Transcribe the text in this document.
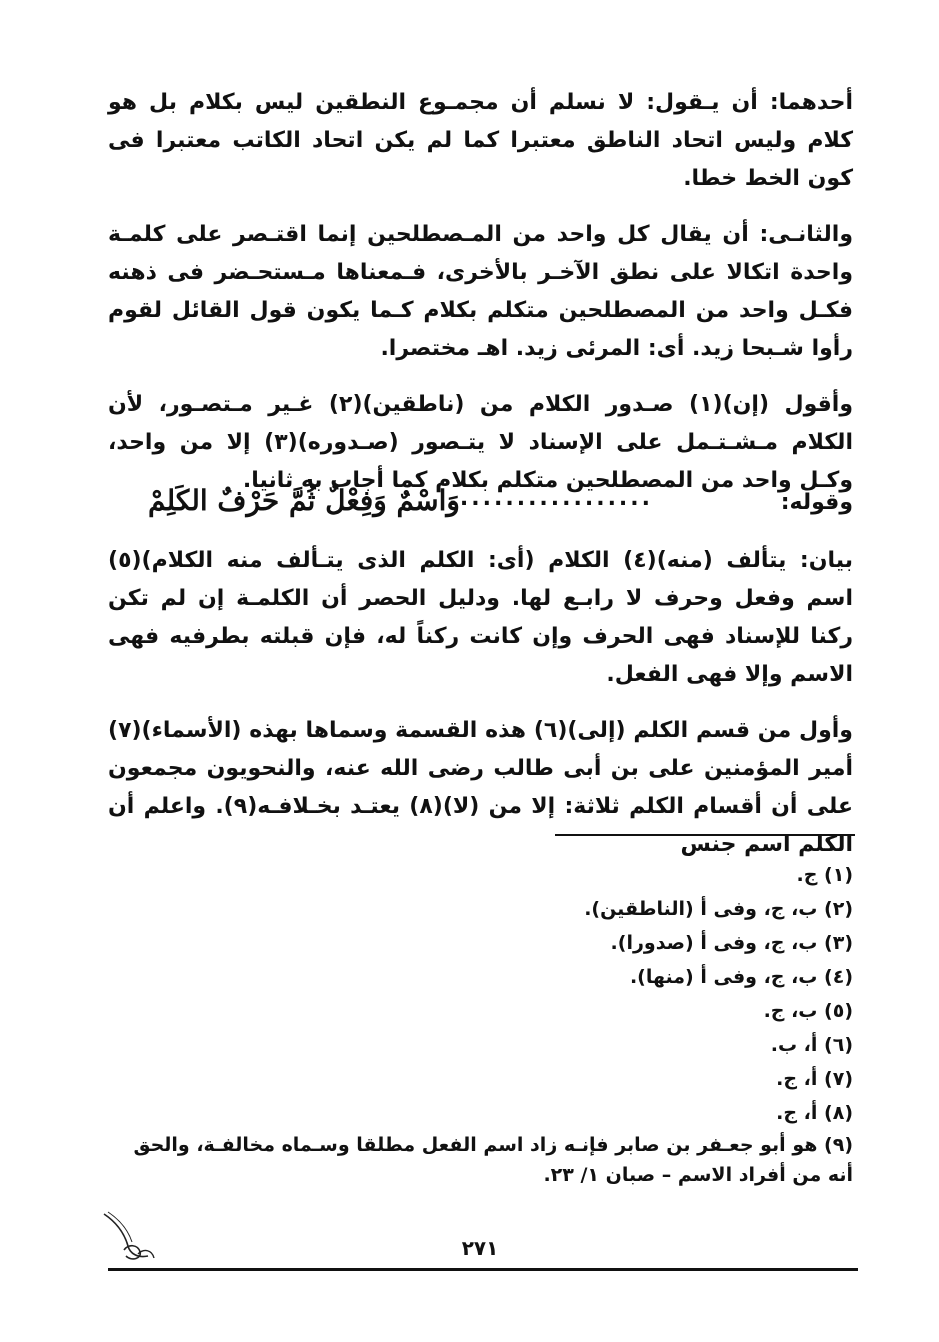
أحدهما: أن يـقول: لا نسلم أن مجمـوع النطقين ليس بكلام بل هو كلام وليس اتحاد الناطق معتبرا كما لم يكن اتحاد الكاتب معتبرا فى كون الخط خطا.

والثانـى: أن يقال كل واحد من المـصطلحين إنما اقتـصر على كلمـة واحدة اتكالا على نطق الآخـر بالأخرى، فـمعناها مـستحـضر فى ذهنه فكـل واحد من المصطلحين متكلم بكلام كـما يكون قول القائل لقوم رأوا شـبحا زيد. أى: المرئى زيد. اهـ مختصرا.

وأقول (إن)(١) صـدور الكلام من (ناطقين)(٢) غـير مـتصـور، لأن الكلام مـشـتـمل على الإسناد لا يتـصور (صـدوره)(٣) إلا من واحد، وكـل واحد من المصطلحين متكلم بكلام كما أجاب به ثانيا.

وقوله:
..................
وَاسْمٌ وَفِعْلٌ ثُمَّ حَرْفٌ الكَلِمْ

بيان: يتألف (منه)(٤) الكلام (أى: الكلم الذى يتـألف منه الكلام)(٥) اسم وفعل وحرف لا رابـع لها. ودليل الحصر أن الكلمـة إن لم تكن ركنا للإسناد فهى الحرف وإن كانت ركناً له، فإن قبلته بطرفيه فهى الاسم وإلا فهى الفعل.

وأول من قسم الكلم (إلى)(٦) هذه القسمة وسماها بهذه (الأسماء)(٧) أمير المؤمنين على بن أبى طالب رضى الله عنه، والنحويون مجمعون على أن أقسام الكلم ثلاثة: إلا من (لا)(٨) يعتـد بخـلافـه(٩). واعلم أن الكلم اسم جنس

(١) ج.
(٢) ب، ج، وفى أ (الناطقين).
(٣) ب، ج، وفى أ (صدورا).
(٤) ب، ج، وفى أ (منها).
(٥) ب، ج.
(٦) أ، ب.
(٧) أ، ج.
(٨) أ، ج.
(٩) هو أبو جعـفر بن صابر فإنـه زاد اسم الفعل مطلقا وسـماه مخالفـة، والحق أنه من أفراد الاسم – صبان ١/ ٢٣.
٢٧١
